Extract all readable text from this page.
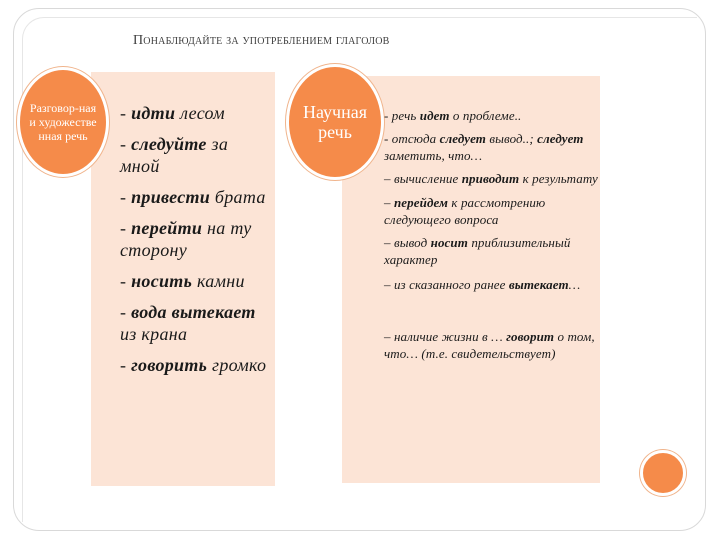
Понаблюдайте за употреблением глаголов
Разговор-ная и художестве нная речь
Научная речь
- идти лесом
- следуйте за мной
- привести брата
- перейти на ту сторону
- носить камни
- вода вытекает из крана
- говорить громко
- речь идет о проблеме..
- отсюда следует вывод..; следует заметить, что…
– вычисление приводит к результату
– перейдем к рассмотрению следующего вопроса
– вывод носит приблизительный характер
– из сказанного ранее вытекает…
– наличие жизни в … говорит о том, что… (т.е. свидетельствует)
